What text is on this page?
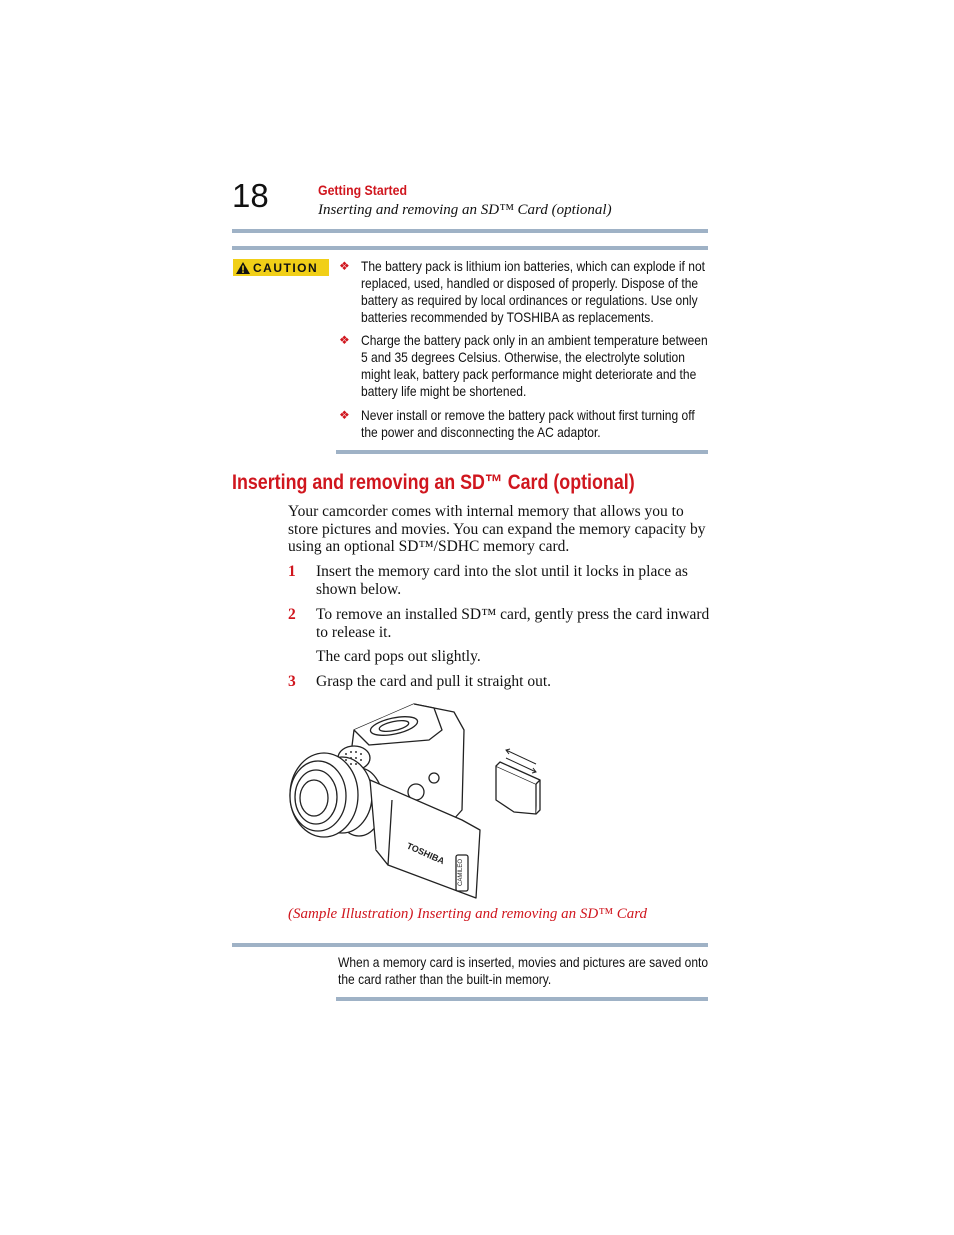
18	Getting Started
Inserting and removing an SD™ Card (optional)
CAUTION ❖ The battery pack is lithium ion batteries, which can explode if not replaced, used, handled or disposed of properly. Dispose of the battery as required by local ordinances or regulations. Use only batteries recommended by TOSHIBA as replacements.
❖ Charge the battery pack only in an ambient temperature between 5 and 35 degrees Celsius. Otherwise, the electrolyte solution might leak, battery pack performance might deteriorate and the battery life might be shortened.
❖ Never install or remove the battery pack without first turning off the power and disconnecting the AC adaptor.
Inserting and removing an SD™ Card (optional)
Your camcorder comes with internal memory that allows you to store pictures and movies. You can expand the memory capacity by using an optional SD™/SDHC memory card.
1 Insert the memory card into the slot until it locks in place as shown below.
2 To remove an installed SD™ card, gently press the card inward to release it.
The card pops out slightly.
3 Grasp the card and pull it straight out.
TOSHIBA
CAMILEO
(Sample Illustration) Inserting and removing an SD™ Card
When a memory card is inserted, movies and pictures are saved onto the card rather than the built-in memory.
